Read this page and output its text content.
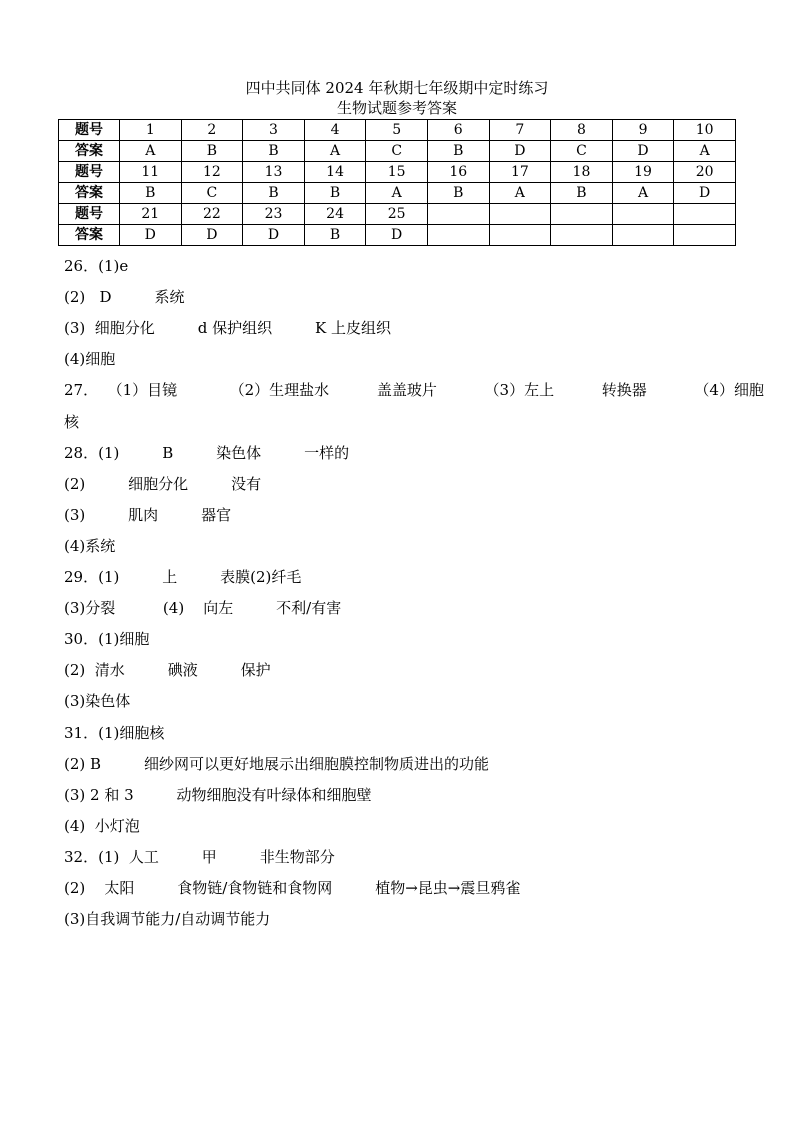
四中共同体 2024 年秋期七年级期中定时练习
生物试题参考答案
题号	1	2	3	4	5	6	7	8	9	10
答案	A	B	B	A	C	B	D	C	D	A
题号	11	12	13	14	15	16	17	18	19	20
答案	B	C	B	B	A	B	A	B	A	D
题号	21	22	23	24	25					
答案	D	D	D	B	D					
26．(1)e
(2)   D         系统
(3)  细胞分化         d 保护组织         K 上皮组织
(4)细胞
27．  （1）目镜           （2）生理盐水          盖盖玻片          （3）左上          转换器          （4）细胞
核
28．(1)         B         染色体         一样的
(2)         细胞分化         没有
(3)         肌肉         器官
(4)系统
29．(1)         上         表膜(2)纤毛
(3)分裂          (4)    向左         不利/有害
30．(1)细胞
(2)  清水         碘液         保护
(3)染色体
31．(1)细胞核
(2) B         细纱网可以更好地展示出细胞膜控制物质进出的功能
(3) 2 和 3         动物细胞没有叶绿体和细胞壁
(4)  小灯泡
32．(1)  人工         甲         非生物部分
(2)    太阳         食物链/食物链和食物网         植物→昆虫→震旦鸦雀
(3)自我调节能力/自动调节能力
